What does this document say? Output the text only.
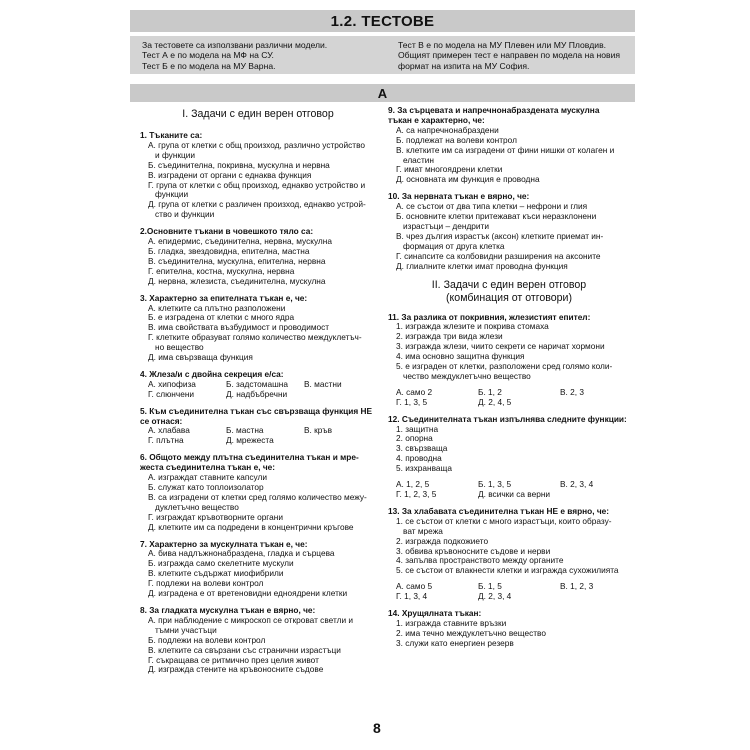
1.2. ТЕСТОВЕ
За тестовете са използвани различни модели.
Тест А е по модела на МФ на СУ.
Тест Б е по модела на МУ Варна.
Тест В е по модела на МУ Плевен или МУ Пловдив.
Общият примерен тест е направен по модела на новия
формат на изпита на МУ София.
А
I. Задачи с един верен отговор
1. Тъканите са:
А. група от клетки с общ произход, различно устройство
и функции
Б. съединителна, покривна, мускулна и нервна
В. изградени от органи с еднаква функция
Г. група от клетки с общ произход, еднакво устройство и
функции
Д. група от клетки с различен произход, еднакво устрой-
ство и функции
2.Основните тъкани в човешкото тяло са:
А. епидермис, съединителна, нервна, мускулна
Б. гладка, звездовидна, епителна, мастна
В. съединителна, мускулна, епителна, нервна
Г. епителна, костна, мускулна, нервна
Д. нервна, жлезиста, съединителна, мускулна
3. Характерно за епителната тъкан е, че:
А. клетките са плътно разположени
Б. е изградена от клетки с много ядра
В. има свойствата възбудимост и проводимост
Г. клетките образуват голямо количество междуклетъч-
но вещество
Д. има свързваща функция
4. Жлеза/и с двойна секреция е/са:
А. хипофиза	Б. задстомашна	В. мастни
Г. слюнчени	Д. надбъбречни
5. Към съединителна тъкан със свързваща функция НЕ
се отнася:
А. хлабава	Б. мастна	В. кръв
Г. плътна	Д. мрежеста
6. Общото между плътна съединителна тъкан и мре-
жеста съединителна тъкан е, че:
А. изграждат ставните капсули
Б. служат като топлоизолатор
В. са изградени от клетки сред голямо количество межу-
дуклетъчно вещество
Г. изграждат кръвотворните органи
Д. клетките им са подредени в концентрични кръгове
7. Характерно за мускулната тъкан е, че:
А. бива надлъжнонабраздена, гладка и сърцева
Б. изгражда само скелетните мускули
В. клетките съдържат миофибрили
Г. подлежи на волеви контрол
Д. изградена е от вретеновидни едноядрени клетки
8. За гладката мускулна тъкан е вярно, че:
А. при наблюдение с микроскоп се откроват светли и
тъмни участъци
Б. подлежи на волеви контрол
В. клетките са свързани със странични израстъци
Г. съкращава се ритмично през целия живот
Д. изгражда стените на кръвоносните съдове
9. За сърцевата и напречнонабраздената мускулна
тъкан е характерно, че:
А. са напречнонабраздени
Б. подлежат на волеви контрол
В. клетките им са изградени от фини нишки от колаген и
еластин
Г. имат многоядрени клетки
Д. основната им функция е проводна
10. За нервната тъкан е вярно, че:
А. се състои от два типа клетки – нефрони и глия
Б. основните клетки притежават къси неразклонени
израстъци – дендрити
В. чрез дългия израстък (аксон) клетките приемат ин-
формация от друга клетка
Г. синапсите са колбовидни разширения на аксоните
Д. глиалните клетки имат проводна функция
II. Задачи с един верен отговор
(комбинация от отговори)
11. За разлика от покривния, жлезистият епител:
1. изгражда жлезите и покрива стомаха
2. изгражда три вида жлези
3. изгражда жлези, чиито секрети се наричат хормони
4. има основно защитна функция
5. е изграден от клетки, разположени сред голямо коли-
чество междуклетъчно вещество
А. само 2	Б. 1, 2	В. 2, 3
Г. 1, 3, 5	Д. 2, 4, 5
12. Съединителната тъкан изпълнява следните функции:
1. защитна
2. опорна
3. свързваща
4. проводна
5. изхранваща
А. 1, 2, 5	Б. 1, 3, 5	В. 2, 3, 4
Г. 1, 2, 3, 5	Д. всички са верни
13. За хлабавата съединителна тъкан НЕ е вярно, че:
1. се състои от клетки с много израстъци, които образу-
ват мрежа
2. изгражда подкожието
3. обвива кръвоносните съдове и нерви
4. запълва пространството между органите
5. се състои от влакнести клетки и изгражда сухожилията
А. само 5	Б. 1, 5	В. 1, 2, 3
Г. 1, 3, 4	Д. 2, 3, 4
14. Хрущялната тъкан:
1. изгражда ставните връзки
2. има течно междуклетъчно вещество
3. служи като енергиен резерв
8
